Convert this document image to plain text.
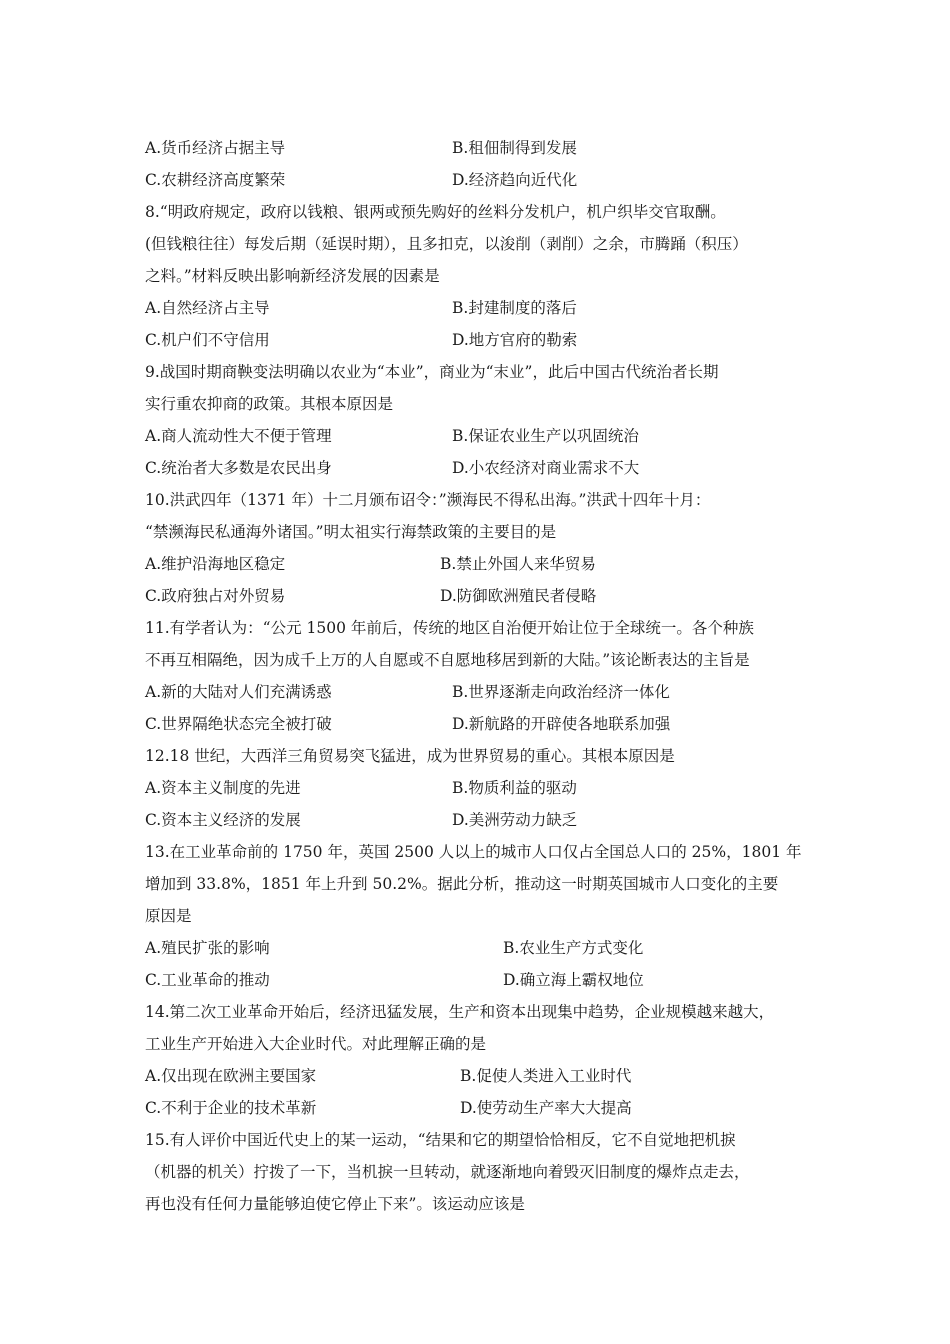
A.货币经济占据主导	B.租佃制得到发展
C.农耕经济高度繁荣	D.经济趋向近代化
8.“明政府规定，政府以钱粮、银两或预先购好的丝料分发机户，机户织毕交官取酬。
(但钱粮往往）每发后期（延误时期），且多扣克，以浚削（剥削）之余，市腾踊（积压）
之料。”材料反映出影响新经济发展的因素是
A.自然经济占主导	B.封建制度的落后
C.机户们不守信用	D.地方官府的勒索
9.战国时期商鞅变法明确以农业为“本业”，商业为“末业”，此后中国古代统治者长期
实行重农抑商的政策。其根本原因是
A.商人流动性大不便于管理	B.保证农业生产以巩固统治
C.统治者大多数是农民出身	D.小农经济对商业需求不大
10.洪武四年（1371 年）十二月颁布诏令：”濒海民不得私出海。”洪武十四年十月：
“禁濒海民私通海外诸国。”明太祖实行海禁政策的主要目的是
A.维护沿海地区稳定	B.禁止外国人来华贸易
C.政府独占对外贸易	D.防御欧洲殖民者侵略
11.有学者认为：“公元 1500 年前后，传统的地区自治便开始让位于全球统一。各个种族
不再互相隔绝，因为成千上万的人自愿或不自愿地移居到新的大陆。”该论断表达的主旨是
A.新的大陆对人们充满诱惑	B.世界逐渐走向政治经济一体化
C.世界隔绝状态完全被打破	D.新航路的开辟使各地联系加强
12.18 世纪，大西洋三角贸易突飞猛进，成为世界贸易的重心。其根本原因是
A.资本主义制度的先进	B.物质利益的驱动
C.资本主义经济的发展	D.美洲劳动力缺乏
13.在工业革命前的 1750 年，英国 2500 人以上的城市人口仅占全国总人口的 25%，1801 年
增加到 33.8%，1851 年上升到 50.2%。据此分析，推动这一时期英国城市人口变化的主要
原因是
A.殖民扩张的影响	B.农业生产方式变化
C.工业革命的推动	D.确立海上霸权地位
14.第二次工业革命开始后，经济迅猛发展，生产和资本出现集中趋势，企业规模越来越大，
工业生产开始进入大企业时代。对此理解正确的是
A.仅出现在欧洲主要国家	B.促使人类进入工业时代
C.不利于企业的技术革新	D.使劳动生产率大大提高
15.有人评价中国近代史上的某一运动，“结果和它的期望恰恰相反，它不自觉地把机捩
（机器的机关）拧拨了一下，当机捩一旦转动，就逐渐地向着毁灭旧制度的爆炸点走去，
再也没有任何力量能够迫使它停止下来”。该运动应该是
